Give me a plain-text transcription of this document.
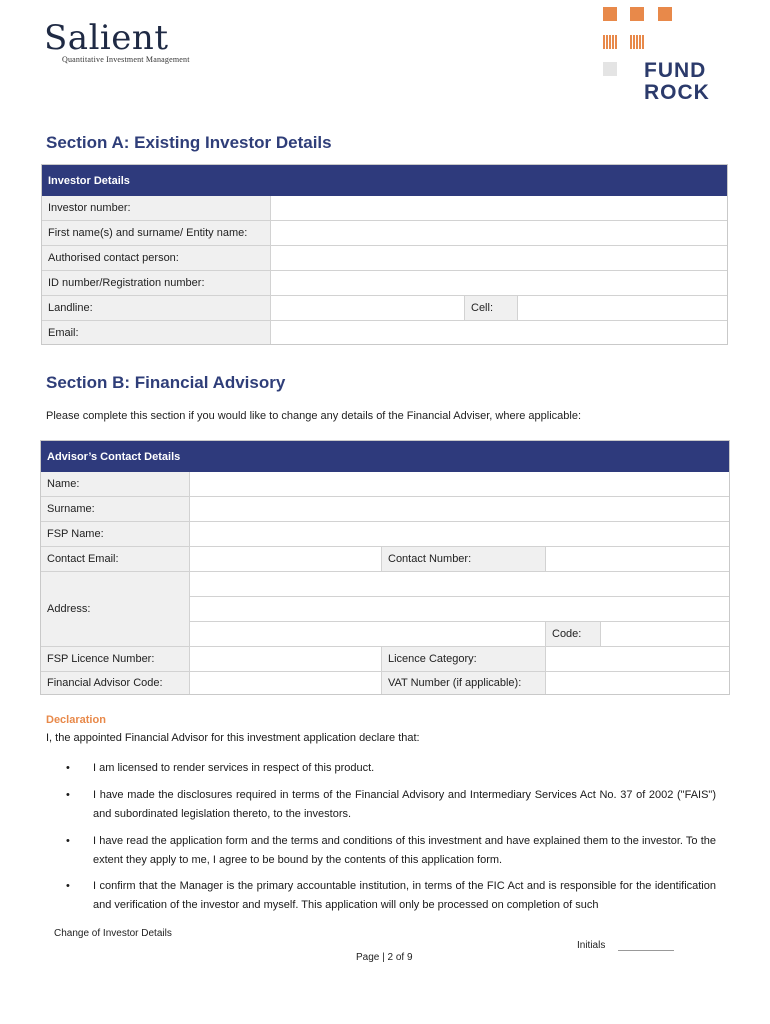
Salient
Quantitative Investment Management	FUND
ROCK
Section A: Existing Investor Details
Investor Details
Investor number:
First name(s) and surname/ Entity name:
Authorised contact person:
ID number/Registration number:
Landline:	Cell:
Email:
Section B: Financial Advisory
Please complete this section if you would like to change any details of the Financial Adviser, where applicable:
Advisor’s Contact Details
Name:
Surname:
FSP Name:
Contact Email:	Contact Number:
Address:
Code:
FSP Licence Number:	Licence Category:
Financial Advisor Code:	VAT Number (if applicable):
Declaration
I, the appointed Financial Advisor for this investment application declare that:
• I am licensed to render services in respect of this product.
• I have made the disclosures required in terms of the Financial Advisory and Intermediary Services Act No. 37 of 2002 ("FAIS") and subordinated legislation thereto, to the investors.
• I have read the application form and the terms and conditions of this investment and have explained them to the investor. To the extent they apply to me, I agree to be bound by the contents of this application form.
• I confirm that the Manager is the primary accountable institution, in terms of the FIC Act and is responsible for the identification and verification of the investor and myself. This application will only be processed on completion of such
Change of Investor Details
Initials
Page | 2 of 9
